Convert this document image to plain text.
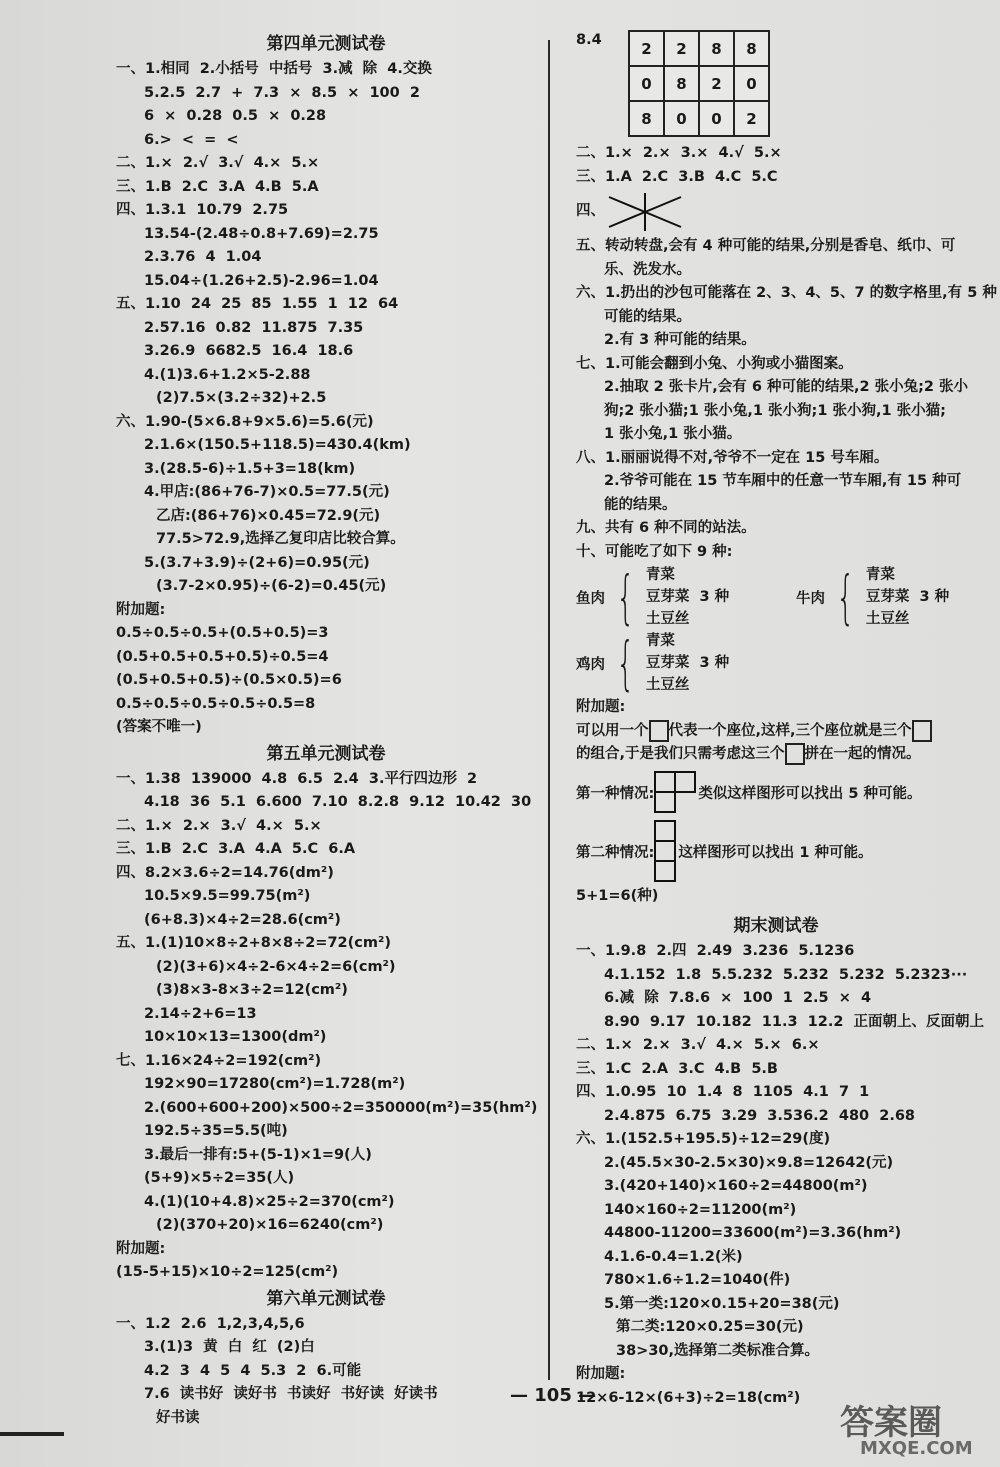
第四单元测试卷
一、1.相同  2.小括号  中括号  3.减  除  4.交换
5.2.5  2.7  +  7.3  ×  8.5  ×  100  2
6  ×  0.28  0.5  ×  0.28
6.>  <  =  <
二、1.×  2.√  3.√  4.×  5.×
三、1.B  2.C  3.A  4.B  5.A
四、1.3.1  10.79  2.75
13.54-(2.48÷0.8+7.69)=2.75
2.3.76  4  1.04
15.04÷(1.26+2.5)-2.96=1.04
五、1.10  24  25  85  1.55  1  12  64
2.57.16  0.82  11.875  7.35
3.26.9  6682.5  16.4  18.6
4.(1)3.6+1.2×5-2.88
(2)7.5×(3.2÷32)+2.5
六、1.90-(5×6.8+9×5.6)=5.6(元)
2.1.6×(150.5+118.5)=430.4(km)
3.(28.5-6)÷1.5+3=18(km)
4.甲店:(86+76-7)×0.5=77.5(元)
乙店:(86+76)×0.45=72.9(元)
77.5>72.9,选择乙复印店比较合算。
5.(3.7+3.9)÷(2+6)=0.95(元)
(3.7-2×0.95)÷(6-2)=0.45(元)
附加题:
0.5÷0.5÷0.5+(0.5+0.5)=3
(0.5+0.5+0.5+0.5)÷0.5=4
(0.5+0.5+0.5)÷(0.5×0.5)=6
0.5÷0.5÷0.5÷0.5÷0.5=8
(答案不唯一)
第五单元测试卷
一、1.38  139000  4.8  6.5  2.4  3.平行四边形  2
4.18  36  5.1  6.600  7.10  8.2.8  9.12  10.42  30
二、1.×  2.×  3.√  4.×  5.×
三、1.B  2.C  3.A  4.A  5.C  6.A
四、8.2×3.6÷2=14.76(dm²)
10.5×9.5=99.75(m²)
(6+8.3)×4÷2=28.6(cm²)
五、1.(1)10×8÷2+8×8÷2=72(cm²)
(2)(3+6)×4÷2-6×4÷2=6(cm²)
(3)8×3-8×3÷2=12(cm²)
2.14÷2+6=13
10×10×13=1300(dm²)
七、1.16×24÷2=192(cm²)
192×90=17280(cm²)=1.728(m²)
2.(600+600+200)×500÷2=350000(m²)=35(hm²)
192.5÷35=5.5(吨)
3.最后一排有:5+(5-1)×1=9(人)
(5+9)×5÷2=35(人)
4.(1)(10+4.8)×25÷2=370(cm²)
(2)(370+20)×16=6240(cm²)
附加题:
(15-5+15)×10÷2=125(cm²)
第六单元测试卷
一、1.2  2.6  1,2,3,4,5,6
3.(1)3  黄  白  红  (2)白
4.2  3  4  5  4  5.3  2  6.可能
7.6  读书好  读好书  书读好  书好读  好读书
好书读
8.4	2	2	8	8
0	8	2	0
8	0	0	2
二、1.×  2.×  3.×  4.√  5.×
三、1.A  2.C  3.B  4.C  5.C
四、
五、转动转盘,会有 4 种可能的结果,分别是香皂、纸巾、可
乐、洗发水。
六、1.扔出的沙包可能落在 2、3、4、5、7 的数字格里,有 5 种
可能的结果。
2.有 3 种可能的结果。
七、1.可能会翻到小兔、小狗或小猫图案。
2.抽取 2 张卡片,会有 6 种可能的结果,2 张小兔;2 张小
狗;2 张小猫;1 张小兔,1 张小狗;1 张小狗,1 张小猫;
1 张小兔,1 张小猫。
八、1.丽丽说得不对,爷爷不一定在 15 号车厢。
2.爷爷可能在 15 节车厢中的任意一节车厢,有 15 种可
能的结果。
九、共有 6 种不同的站法。
十、可能吃了如下 9 种:
鱼肉 { 青菜
豆芽菜 3 种
土豆丝
牛肉 { 青菜
豆芽菜 3 种
土豆丝
鸡肉 { 青菜
豆芽菜 3 种
土豆丝
附加题:
可以用一个 代表一个座位,这样,三个座位就是三个
的组合,于是我们只需考虑这三个 拼在一起的情况。
第一种情况:	类似这样图形可以找出 5 种可能。
第二种情况: 这样图形可以找出 1 种可能。
5+1=6(种)
期末测试卷
一、1.9.8  2.四  2.49  3.236  5.1236
4.1.152  1.8  5.5.232  5.232  5.232  5.2323···
6.减  除  7.8.6  ×  100  1  2.5  ×  4
8.90  9.17  10.182  11.3  12.2  正面朝上、反面朝上
二、1.×  2.×  3.√  4.×  5.×  6.×
三、1.C  2.A  3.C  4.B  5.B
四、1.0.95  10  1.4  8  1105  4.1  7  1
2.4.875  6.75  3.29  3.536.2  480  2.68
六、1.(152.5+195.5)÷12=29(度)
2.(45.5×30-2.5×30)×9.8=12642(元)
3.(420+140)×160÷2=44800(m²)
140×160÷2=11200(m²)
44800-11200=33600(m²)=3.36(hm²)
4.1.6-0.4=1.2(米)
780×1.6÷1.2=1040(件)
5.第一类:120×0.15+20=38(元)
第二类:120×0.25=30(元)
38>30,选择第二类标准合算。
附加题:
12×6-12×(6+3)÷2=18(cm²)
— 105 —
答案圈
MXQE.COM
